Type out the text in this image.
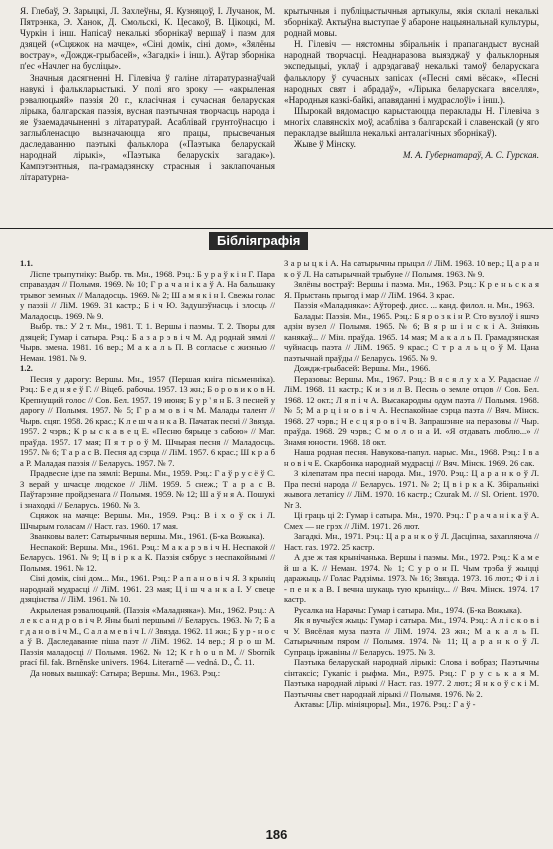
Я. Глебаў, Э. Зарыцкі, Л. Захлеўны, Я. Кузняцоў, І. Лучанок, М. Пятрэнка, Э. Ханок, Д. Смольскі, К. Цесакоў, В. Цікоцкі, М. Чуркін і інш. Напісаў некалькі зборнікаў вершаў і паэм для дзяцей («Сцяжок на мачце», «Сіні домік, сіні дом», «Зялёны вострау», «Дождж-грыбасей», «Загадкі» і інш.). Аўтар зборніка п'ес «Начлег на бусліцы».

Значныя дасягненні Н. Гілевіча ў галіне літаратуразнаўчай навукі і фалькларыстыкі. У полі яго зроку — «акрыленая рэвалюцыяй» паэзія 20 г., класічная і сучасная беларуская лірыка, балгарская паэзія, вусная паэтычная творчасць народа і яе ўзаемадачыненні з літаратурай. Асаблівай грунтоўнасцю і заглыбленасцю вызначаюцца яго працы, прысвечаныя даследаванню паэтыкі фальклора («Паэтыка беларускай народнай лірыкі», «Паэтыка беларускіх загадак»). Кампэтэнтныя, па-грамадзянску страсныя і заклапочаныя літаратурна-

крытычныя і публіцыстычныя артыкулы, якія склалі некалькі зборнікаў. Актыўна выступае ў абароне нацыянальнай культуры, роднай мовы.

Н. Гілевіч — нястомны збіральнік і прапагандыст вуснай народнай творчасці. Неаднаразова выязджаў у фальклорныя экспедыцыі, уклаў і адрэдагаваў некалькі тамоў беларускага фальклору ў сучасных запісах («Песні сямі вёсак», «Песні народных свят і абрадаў», «Лірыка беларускага вяселля», «Народныя казкі-байкі, апавяданні і мудраслоўі» і інш.).

Шырокай вядомасцю карыстаюцца пераклады Н. Гілевіча з многіх славянскіх моў, асабліва з балгарскай і славенскай (у яго перакладзе выйшла некалькі анталагічных зборнікаў).

Жыве ў Мінску.

М. А. Губернатараў, А. С. Гурская.

Бібліяграфія

1.1.

Ліспе трыпутніку: Выбр. тв. Мн., 1968. Рэц.: Б у р а ў к і н Г. Пара справаздач // Полымя. 1969. № 10; Г р а ч а н і к а ў А. На бальшаку трывог земных // Маладосць. 1969. № 2; Ш а м я к і н І. Свежы голас у паэзіі // ЛіМ. 1969. 31 кастр.; Б і ч Ю. Задушэўнасць і злосць // Маладосць. 1969. № 9.

Выбр. тв.: У 2 т. Мн., 1981. Т. 1. Вершы і паэмы. Т. 2. Творы для дзяцей; Гумар і сатыра. Рэц.: Б а з а р э в і ч М. Ад роднай зямлі // Чырв. змена. 1981. 16 вер.; М а к а л ь П. В согласье с жизнью // Неман. 1981. № 9.

1.2.

Песня у дарогу: Вершы. Мн., 1957 (Першая кніга пісьменніка). Рэц.: Б е д н я е ў Г. // Віцеб. рабочы. 1957. 13 жн.; Б о р о в и к о в Н. Крепнущий голос // Сов. Бел. 1957. 19 июня; Б у р ' я н Б. З песней у дарогу // Полымя. 1957. № 5; Г р а м о в і ч М. Малады талент // Чырв. сцяг. 1958. 26 крас.; К л е ш ч а н к а В. Пачатак песні // Звязда. 1957. 2 чэрв.; К р ы с к а в е ц Е. «Песню бярыце з сабою» // Маг. праўда. 1957. 17 мая; П я т р о ў М. Шчырая песня // Маладосць. 1957. № 6; Т а р а с В. Песня ад сэрца // ЛіМ. 1957. 6 крас.; Ш к р а б а Р. Маладая паэзія // Беларусь. 1957. № 7.

Прадвесне ідзе па зямлі: Вершы. Мн., 1959. Рэц.: Г а ў р у с ё ў С. З верай у шчасце людское // ЛіМ. 1959. 5 снеж.; Т а р а с В. Паўтарэнне пройдзенага // Полымя. 1959. № 12; Ш а ў н я А. Пошукі і знаходкі // Беларусь. 1960. № 3.

Сцяжок на мачце: Вершы. Мн., 1959. Рэц.: В і х о ў ск і Л. Шчырым голасам // Наст. газ. 1960. 17 мая.

Званковы валет: Сатырычныя вершы. Мн., 1961. (Б-ка Вожыка).

Неспакой: Вершы. Мн., 1961. Рэц.: М а к а р э в і ч Н. Неспакой // Беларусь. 1961. № 9; Ц в і р к а К. Паэзія сябрує з неспакойнымі // Полымя. 1961. № 12.

Сіні домік, сіні дом... Мн., 1961. Рэц.: Р а п а н о в і ч Я. З крыніц народнай мудрасці // ЛіМ. 1961. 23 мая; Ц і ш ч а н к а І. У свеце дзяцінства // ЛіМ. 1961. № 10.

Акрыленая рэвалюцыяй. (Паэзія «Маладняка»). Мн., 1962. Рэц.: А л е к с а н д р о в і ч Р. Яны былі першымі // Беларусь. 1963. № 7; Б а г д а н о в і ч М., С а л а м е в і ч І. // Звязда. 1962. 11 жн.; Б у р - н о с а ў В. Даследаванне піша паэт // ЛіМ. 1962. 14 вер.; Я р о ш М. Паэзія маладосці // Полымя. 1962. № 12; K r h o u n M. // Sborník prací fil. fak. Brněnske univers. 1964. Literarně — vedná. D., Č. 11.

Да новых вышкаў: Сатыра; Вершы. Мн., 1963. Рэц.:

З а р ы ц к і А. На сатырычны прыцэл // ЛіМ. 1963. 10 вер.; Ц а р а н к о ў Л. На сатырычнай трыбуне // Полымя. 1963. № 9.

Зялёны востраў: Вершы і паэма. Мн., 1963. Рэц.: К р е н ь с к а я Я. Прыстань прыгод і мар // ЛіМ. 1964. 3 крас.

Паэзія «Маладняка»: Аўтореф. дисс. ... канд. филол. н. Мн., 1963.

Балады: Паэзія. Мн., 1965. Рэц.: Б я р о з к і н Р. Сто вузлоў і яшчэ адзін вузел // Полымя. 1965. № 6; В я р ш і н с к і А. Зніякнь канякаў... // Мін. праўда. 1965. 14 мая; М а к а л ь П. Грамадзянская чуйнасць паэта // ЛіМ. 1965. 9 крас.; С т р а л ь ц о ў М. Цана паэтычнай праўды // Беларусь. 1965. № 9.

Дождж-грыбасей: Вершы. Мн., 1966.

Перазовы: Вершы. Мн., 1967. Рэц.: В я с я л у х а У. Радаснае // ЛіМ. 1968. 11 кастр.; К и з и л В. Песнь о земле отцов // Сов. Бел. 1968. 12 окт.; Л я п і ч А. Высакародны одум паэта // Полымя. 1968. № 5; М а р ц і н о в і ч А. Неспакойнае сэрца паэта // Вяч. Мінск. 1968. 27 чэрв.; Н е с ц я р о в і ч В. Запрашэнне на перазовы // Чыр. праўда. 1968. 29 чэрв.; С м о л о н а И. «Я отдавать люблю...» // Знамя юности. 1968. 18 окт.

Наша родная песня. Навукова-папул. нарыс. Мн., 1968. Рэц.: І в а н о в і ч Е. Скарбонка народнай мудрасці // Вяч. Мінск. 1969. 26 сак.

З кілепатам пра песні народа. Мн., 1970. Рэц.: Ц а р а н к о ў Л. Пра песні народа // Беларусь. 1971. № 2; Ц в і р к а К. Збіральнікі жывога летапісу // ЛіМ. 1970. 16 кастр.; Czurak M. // Sl. Orient. 1970. Nr 3.

Ці граць ці 2: Гумар і сатыра. Мн., 1970. Рэц.: Г р а ч а н і к а ў А. Смех — не грэх // ЛіМ. 1971. 26 лют.

Загадкі. Мн., 1971. Рэц.: Ц а р а н к о ў Л. Дасціпна, захапляюча // Наст. газ. 1972. 25 кастр.

А дзе ж тая крынічанька. Вершы і паэмы. Мн., 1972. Рэц.: К а м е й ш а К. // Неман. 1974. № 1; С у р о н П. Чым трэба ў жыцці даражыць // Голас Радзімы. 1973. № 16; Звязда. 1973. 16 лют.; Ф і л і - п е н к а В. І вечна шукаць тую крыніцу... // Вяч. Мінск. 1974. 17 кастр.

Русалка на Нарачы: Гумар і сатыра. Мн., 1974. (Б-ка Вожыка).

Як я вучыўся жыць: Гумар і сатыра. Мн., 1974. Рэц.: А л і с к о в і ч У. Вясёлая муза паэта // ЛіМ. 1974. 23 жн.; М а к а л ь П. Сатырычным пяром // Полымя. 1974. № 11; Ц а р а н к о ў Л. Супраць іржавіны // Беларусь. 1975. № 3.

Паэтыка беларускай народнай лірыкі: Слова і вобраз; Паэтычны сінтаксіс; Гукапіс і рыфма. Мн., Р.975. Рэц.: Г р у с ь к а я М. Паэтыка народнай лірыкі // Наст. газ. 1977. 2 лют.; Я н к о ў с к і М. Паэтычны свет народнай лірыкі // Полымя. 1976. № 2.

Актавы: [Лір. мініяцюры]. Мн., 1976. Рэц.: Г а ў -

186
